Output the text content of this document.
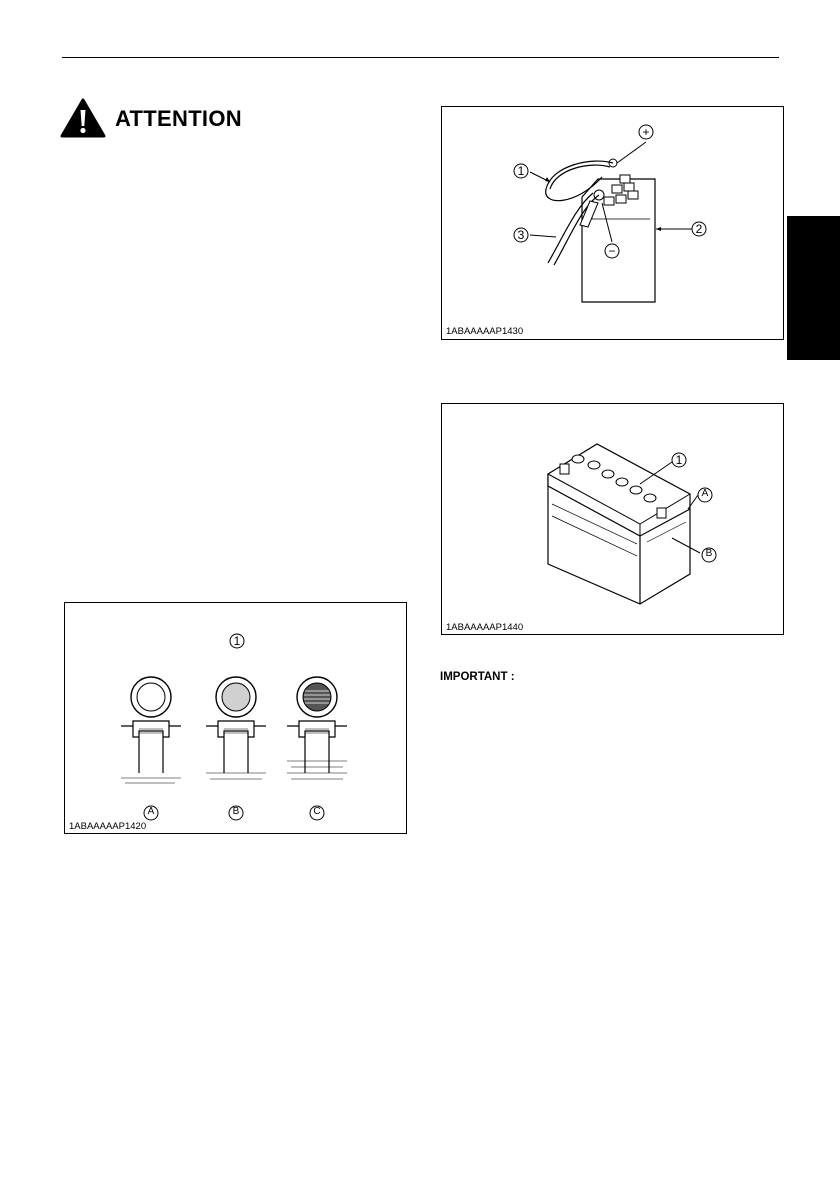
ATTENTION
1
2
3
+
−
1ABAAAAAP1430
1
A
B
1ABAAAAAP1440
1
A	B	C
1ABAAAAAP1420
IMPORTANT :
